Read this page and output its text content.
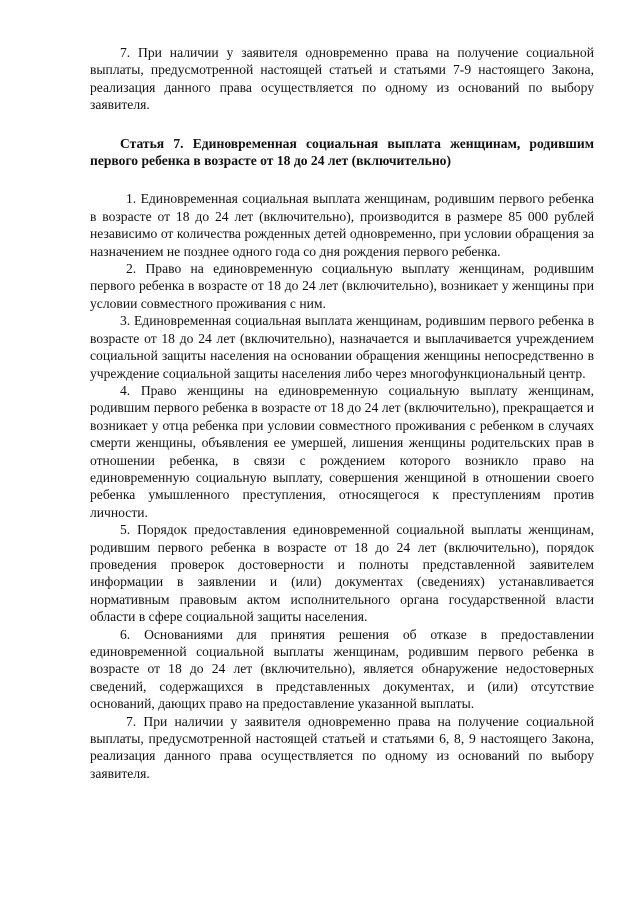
7. При наличии у заявителя одновременно права на получение социальной выплаты, предусмотренной настоящей статьей и статьями 7-9 настоящего Закона, реализация данного права осуществляется по одному из оснований по выбору заявителя.

Статья 7. Единовременная социальная выплата женщинам, родившим первого ребенка в возрасте от 18 до 24 лет (включительно)

1. Единовременная социальная выплата женщинам, родившим первого ребенка в возрасте от 18 до 24 лет (включительно), производится в размере 85 000 рублей независимо от количества рожденных детей одновременно, при условии обращения за назначением не позднее одного года со дня рождения первого ребенка.

2. Право на единовременную социальную выплату женщинам, родившим первого ребенка в возрасте от 18 до 24 лет (включительно), возникает у женщины при условии совместного проживания с ним.

3. Единовременная социальная выплата женщинам, родившим первого ребенка в возрасте от 18 до 24 лет (включительно), назначается и выплачивается учреждением социальной защиты населения на основании обращения женщины непосредственно в учреждение социальной защиты населения либо через многофункциональный центр.

4. Право женщины на единовременную социальную выплату женщинам, родившим первого ребенка в возрасте от 18 до 24 лет (включительно), прекращается и возникает у отца ребенка при условии совместного проживания с ребенком в случаях смерти женщины, объявления ее умершей, лишения женщины родительских прав в отношении ребенка, в связи с рождением которого возникло право на единовременную социальную выплату, совершения женщиной в отношении своего ребенка умышленного преступления, относящегося к преступлениям против личности.

5. Порядок предоставления единовременной социальной выплаты женщинам, родившим первого ребенка в возрасте от 18 до 24 лет (включительно), порядок проведения проверок достоверности и полноты представленной заявителем информации в заявлении и (или) документах (сведениях) устанавливается нормативным правовым актом исполнительного органа государственной власти области в сфере социальной защиты населения.

6. Основаниями для принятия решения об отказе в предоставлении единовременной социальной выплаты женщинам, родившим первого ребенка в возрасте от 18 до 24 лет (включительно), является обнаружение недостоверных сведений, содержащихся в представленных документах, и (или) отсутствие оснований, дающих право на предоставление указанной выплаты.

7. При наличии у заявителя одновременно права на получение социальной выплаты, предусмотренной настоящей статьей и статьями 6, 8, 9 настоящего Закона, реализация данного права осуществляется по одному из оснований по выбору заявителя.
